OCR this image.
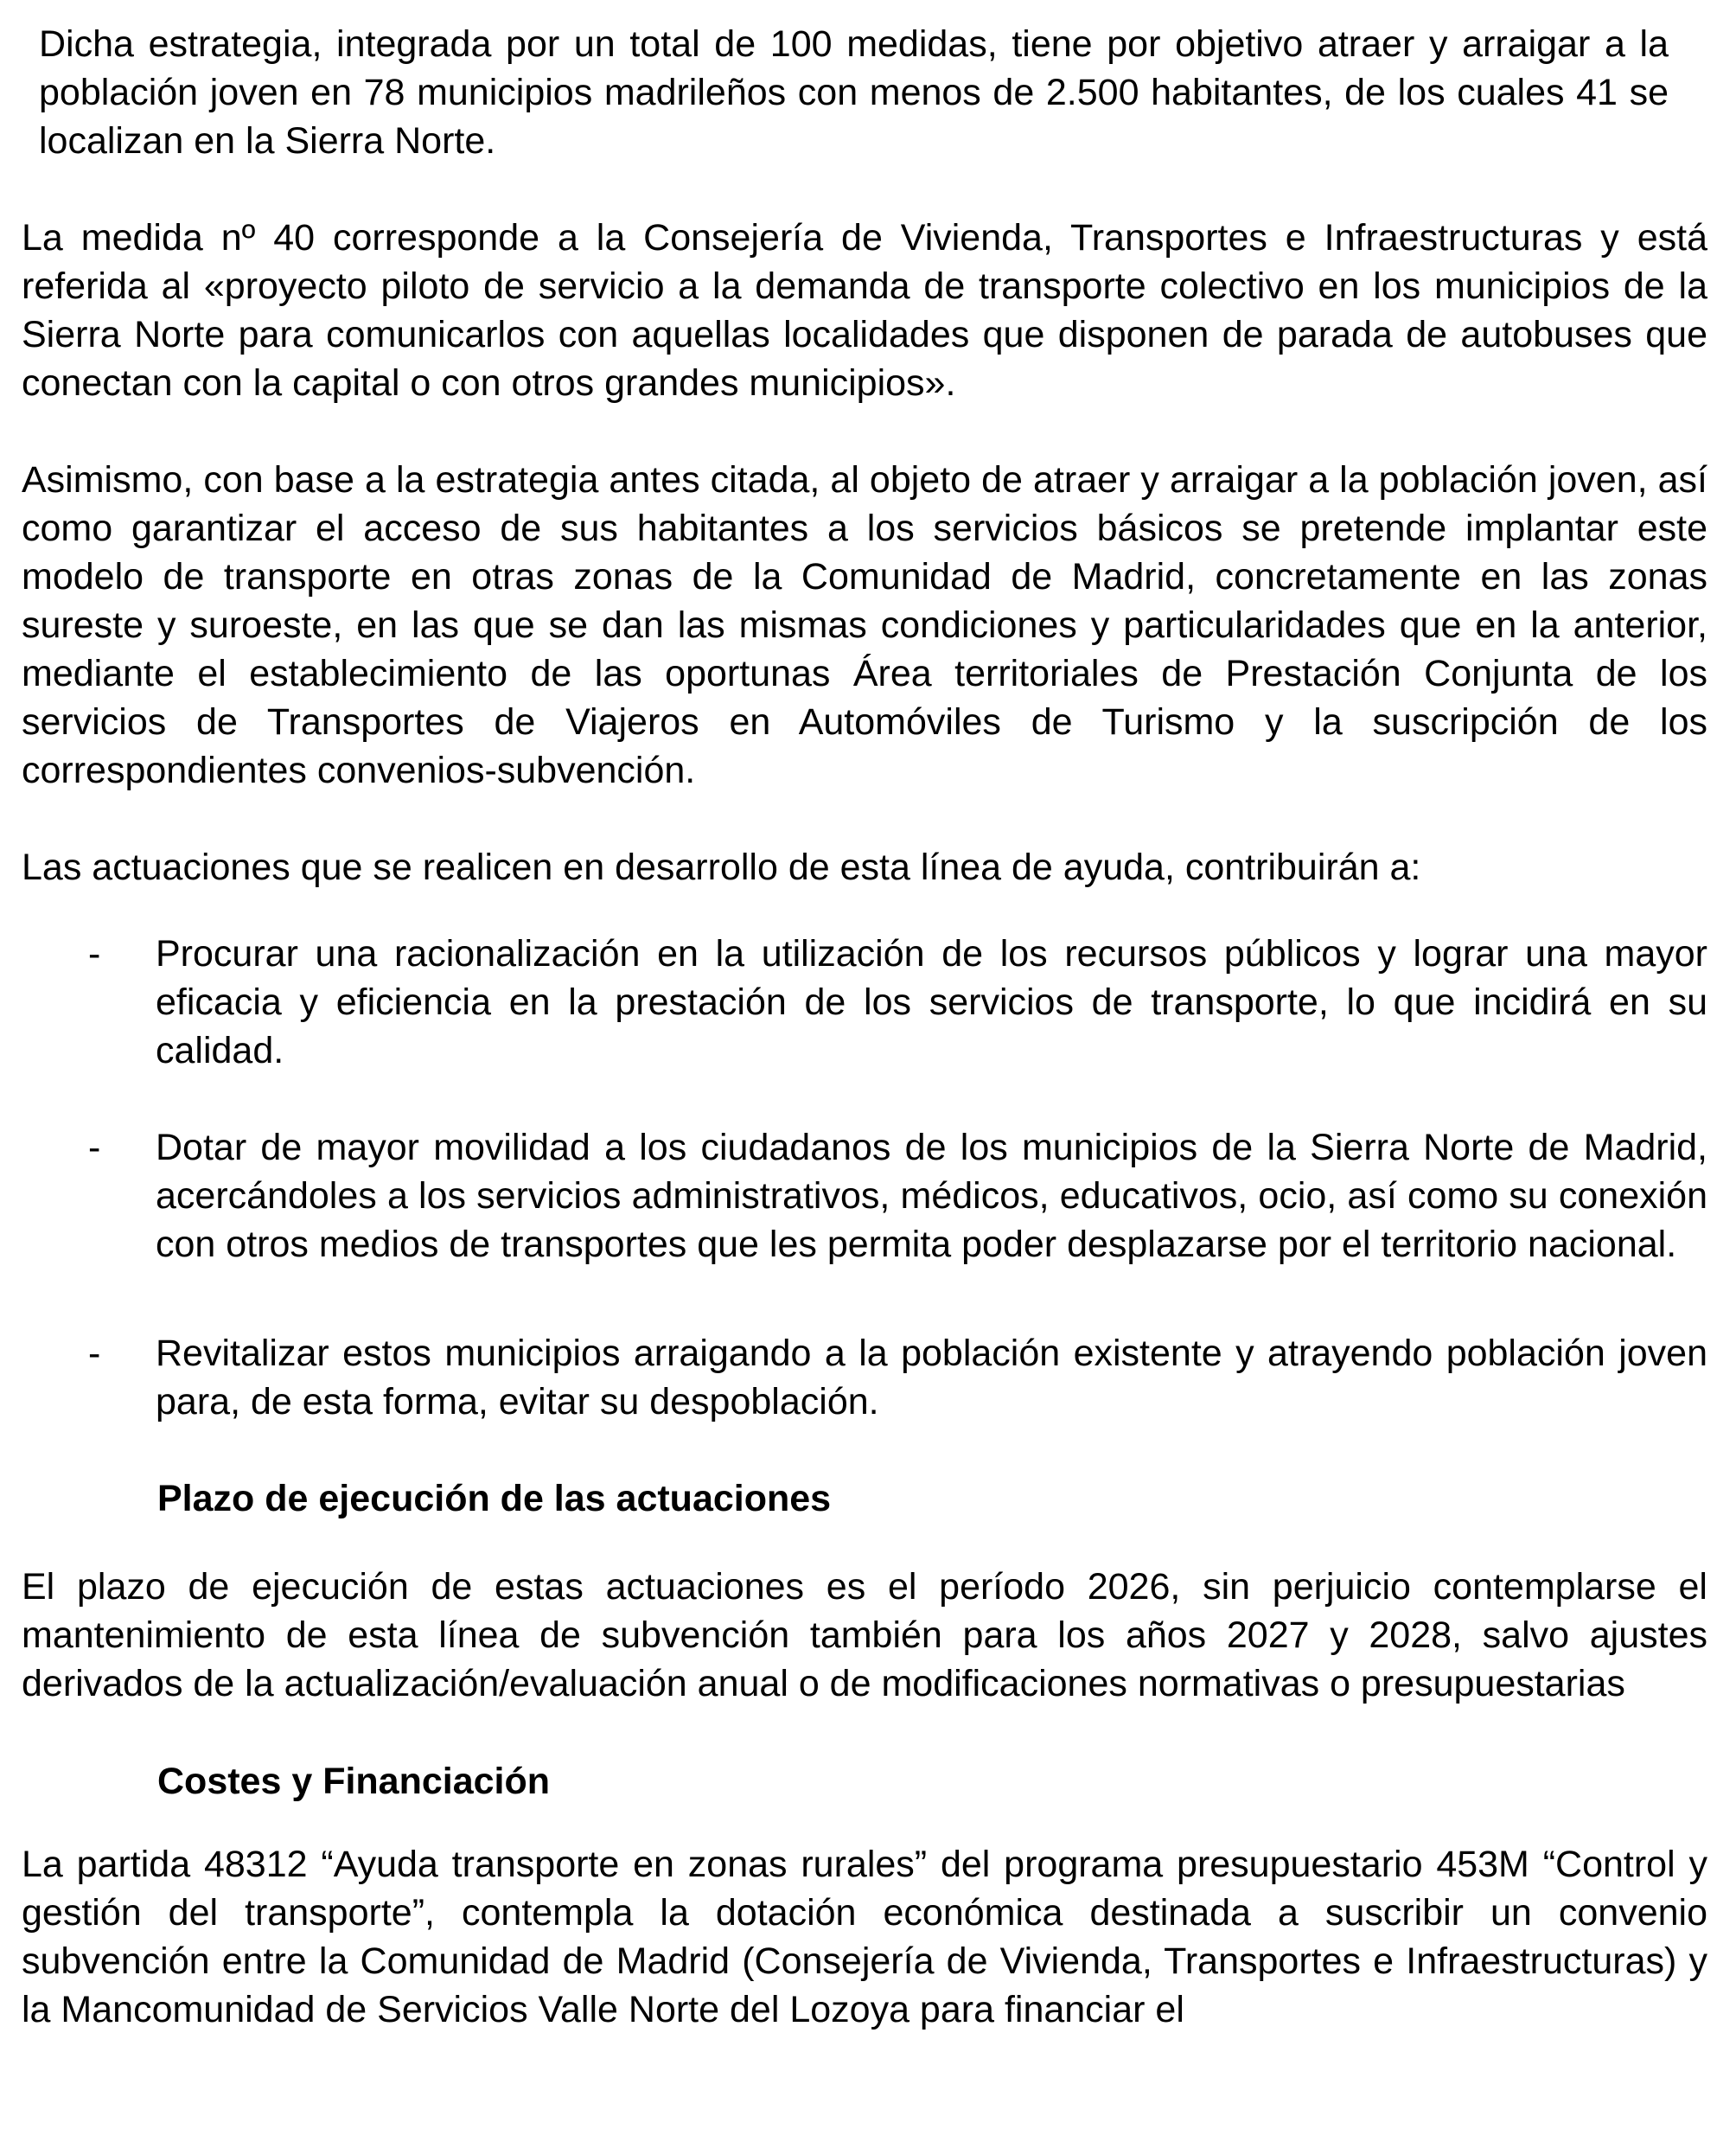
Dicha estrategia, integrada por un total de 100 medidas, tiene por objetivo atraer y arraigar a la población joven en 78 municipios madrileños con menos de 2.500 habitantes, de los cuales 41 se localizan en la Sierra Norte.

La medida nº 40 corresponde a la Consejería de Vivienda, Transportes e Infraestructuras y está referida al «proyecto piloto de servicio a la demanda de transporte colectivo en los municipios de la Sierra Norte para comunicarlos con aquellas localidades que disponen de parada de autobuses que conectan con la capital o con otros grandes municipios».

Asimismo, con base a la estrategia antes citada, al objeto de atraer y arraigar a la población joven, así como garantizar el acceso de sus habitantes a los servicios básicos se pretende implantar este modelo de transporte en otras zonas de la Comunidad de Madrid, concretamente en las zonas sureste y suroeste, en las que se dan las mismas condiciones y particularidades que en la anterior, mediante el establecimiento de las oportunas Área territoriales de Prestación Conjunta de los servicios de Transportes de Viajeros en Automóviles de Turismo y la suscripción de los correspondientes convenios-subvención.

Las actuaciones que se realicen en desarrollo de esta línea de ayuda, contribuirán a:

- Procurar una racionalización en la utilización de los recursos públicos y lograr una mayor eficacia y eficiencia en la prestación de los servicios de transporte, lo que incidirá en su calidad.
- Dotar de mayor movilidad a los ciudadanos de los municipios de la Sierra Norte de Madrid, acercándoles a los servicios administrativos, médicos, educativos, ocio, así como su conexión con otros medios de transportes que les permita poder desplazarse por el territorio nacional.
- Revitalizar estos municipios arraigando a la población existente y atrayendo población joven para, de esta forma, evitar su despoblación.

Plazo de ejecución de las actuaciones

El plazo de ejecución de estas actuaciones es el período 2026, sin perjuicio contemplarse el mantenimiento de esta línea de subvención también para los años 2027 y 2028, salvo ajustes derivados de la actualización/evaluación anual o de modificaciones normativas o presupuestarias

Costes y Financiación

La partida 48312 “Ayuda transporte en zonas rurales” del programa presupuestario 453M “Control y gestión del transporte”, contempla la dotación económica destinada a suscribir un convenio subvención entre la Comunidad de Madrid (Consejería de Vivienda, Transportes e Infraestructuras) y la Mancomunidad de Servicios Valle Norte del Lozoya para financiar el
